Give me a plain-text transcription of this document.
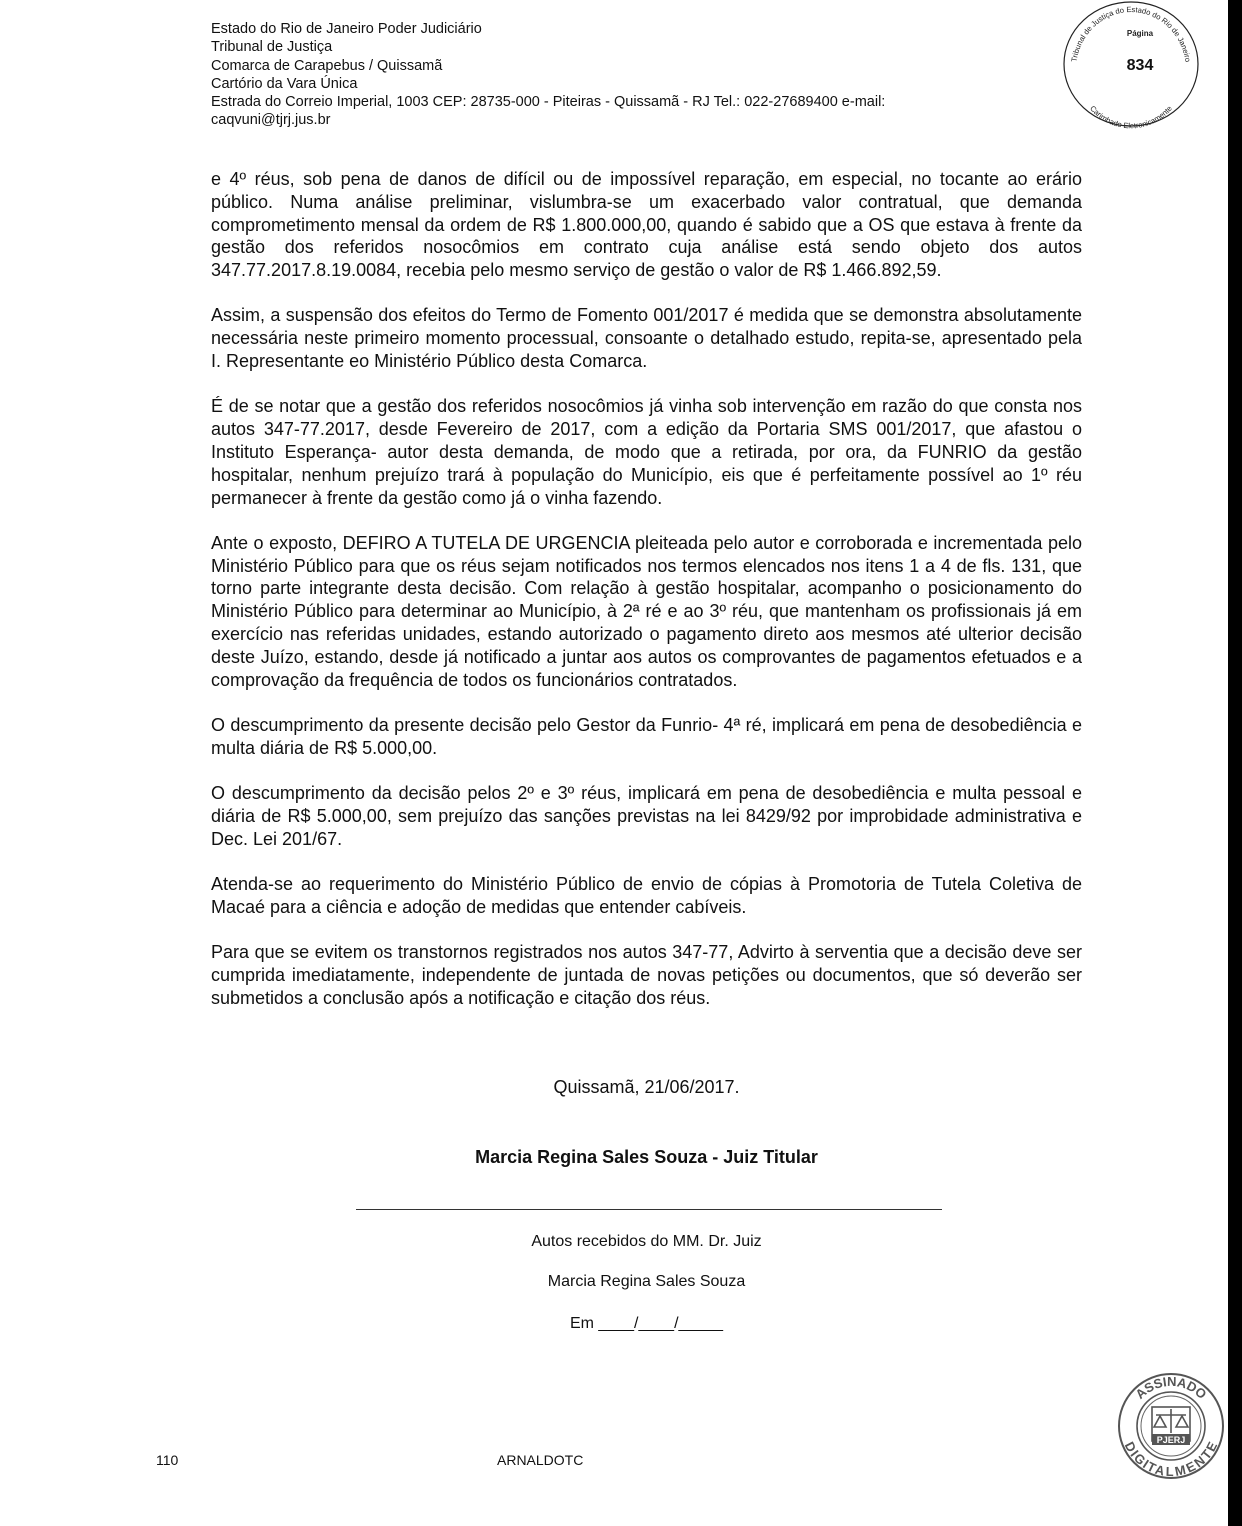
Estado do Rio de Janeiro Poder Judiciário
Tribunal de Justiça
Comarca de Carapebus / Quissamã
Cartório da Vara Única
Estrada do Correio Imperial, 1003 CEP: 28735-000 - Piteiras - Quissamã - RJ Tel.: 022-27689400 e-mail:
caqvuni@tjrj.jus.br
Tribunal de Justiça do Estado do Rio de Janeiro
Carimbado Eletronicamente
Página
834

e 4º réus, sob pena de danos de difícil ou de impossível reparação, em especial, no tocante ao erário público. Numa análise preliminar, vislumbra-se um exacerbado valor contratual, que demanda comprometimento mensal da ordem de R$ 1.800.000,00, quando é sabido que a OS que estava à frente da gestão dos referidos nosocômios em contrato cuja análise está sendo objeto dos autos 347.77.2017.8.19.0084, recebia pelo mesmo serviço de gestão o valor de R$ 1.466.892,59.

Assim, a suspensão dos efeitos do Termo de Fomento 001/2017 é medida que se demonstra absolutamente necessária neste primeiro momento processual, consoante o detalhado estudo, repita-se, apresentado pela I. Representante eo Ministério Público desta Comarca.

É de se notar que a gestão dos referidos nosocômios já vinha sob intervenção em razão do que consta nos autos 347-77.2017, desde Fevereiro de 2017, com a edição da Portaria SMS 001/2017, que afastou o Instituto Esperança- autor desta demanda, de modo que a retirada, por ora, da FUNRIO da gestão hospitalar, nenhum prejuízo trará à população do Município, eis que é perfeitamente possível ao 1º réu permanecer à frente da gestão como já o vinha fazendo.

Ante o exposto, DEFIRO A TUTELA DE URGENCIA pleiteada pelo autor e corroborada e incrementada pelo Ministério Público para que os réus sejam notificados nos termos elencados nos itens 1 a 4 de fls. 131, que torno parte integrante desta decisão. Com relação à gestão hospitalar, acompanho o posicionamento do Ministério Público para determinar ao Município, à 2ª ré e ao 3º réu, que mantenham os profissionais já em exercício nas referidas unidades, estando autorizado o pagamento direto aos mesmos até ulterior decisão deste Juízo, estando, desde já notificado a juntar aos autos os comprovantes de pagamentos efetuados e a comprovação da frequência de todos os funcionários contratados.

O descumprimento da presente decisão pelo Gestor da Funrio- 4ª ré, implicará em pena de desobediência e multa diária de R$ 5.000,00.

O descumprimento da decisão pelos 2º e 3º réus, implicará em pena de desobediência e multa pessoal e diária de R$ 5.000,00, sem prejuízo das sanções previstas na lei 8429/92 por improbidade administrativa e Dec. Lei 201/67.

Atenda-se ao requerimento do Ministério Público de envio de cópias à Promotoria de Tutela Coletiva de Macaé para a ciência e adoção de medidas que entender cabíveis.

Para que se evitem os transtornos registrados nos autos 347-77, Advirto à serventia que a decisão deve ser cumprida imediatamente, independente de juntada de novas petições ou documentos, que só deverão ser submetidos a conclusão após a notificação e citação dos réus.

Quissamã, 21/06/2017.
Marcia Regina Sales Souza - Juiz Titular
Autos recebidos do MM. Dr. Juiz
Marcia Regina Sales Souza
Em ____/____/_____
ASSINADO
DIGITALMENTE
PJERJ
110	ARNALDOTC
